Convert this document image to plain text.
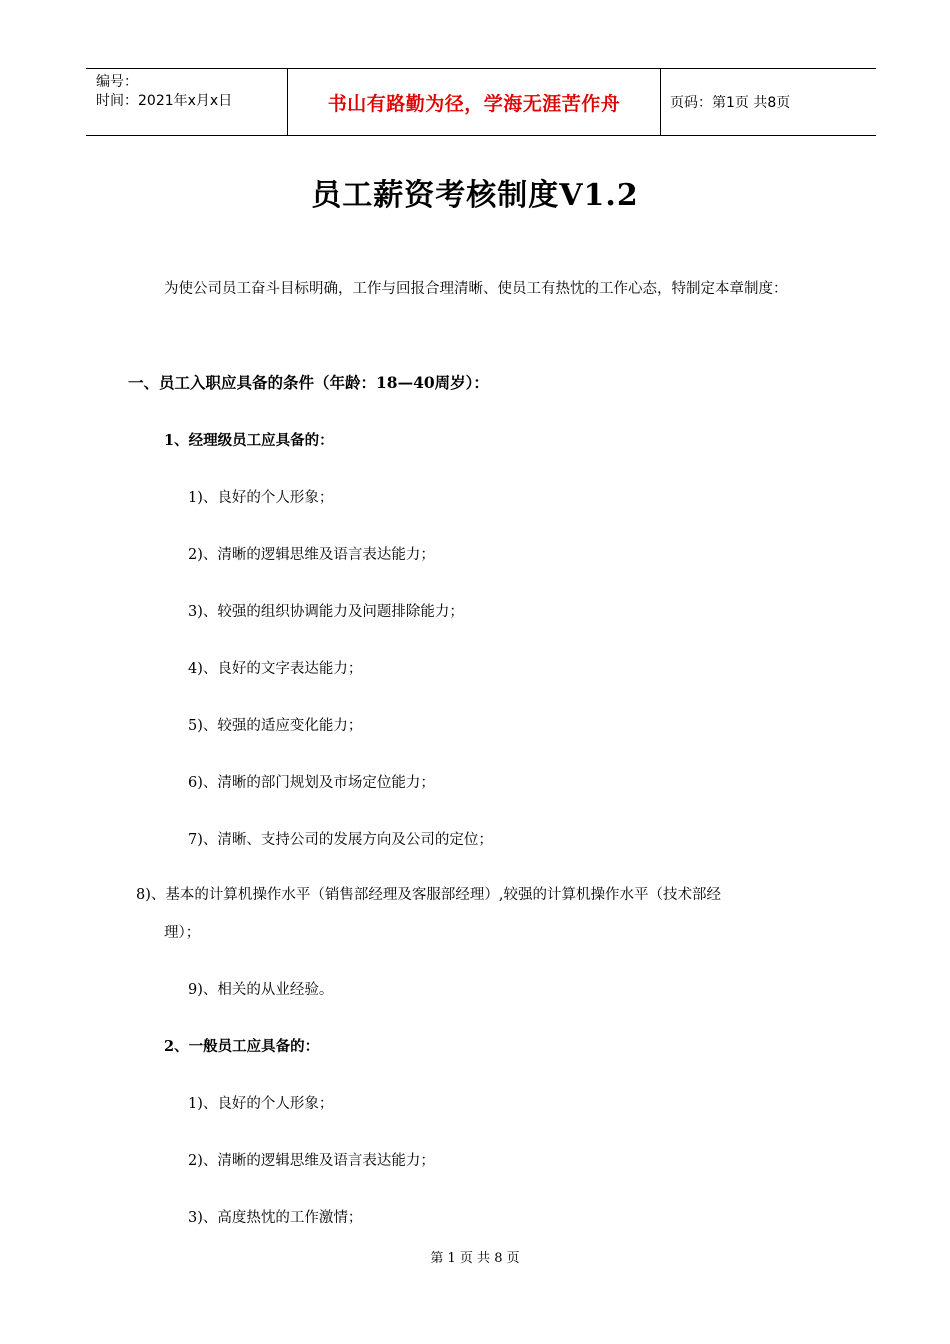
编号：
时间：2021年x月x日	书山有路勤为径，学海无涯苦作舟	页码：第1页 共8页
员工薪资考核制度V1.2
为使公司员工奋斗目标明确，工作与回报合理清晰、使员工有热忱的工作心态，特制定本章制度：
一、员工入职应具备的条件（年龄：18—40周岁）：
1、经理级员工应具备的：
1)、良好的个人形象；
2)、清晰的逻辑思维及语言表达能力；
3)、较强的组织协调能力及问题排除能力；
4)、良好的文字表达能力；
5)、较强的适应变化能力；
6)、清晰的部门规划及市场定位能力；
7)、清晰、支持公司的发展方向及公司的定位；
8)、基本的计算机操作水平（销售部经理及客服部经理）,较强的计算机操作水平（技术部经
理）；
9)、相关的从业经验。
2、一般员工应具备的：
1)、良好的个人形象；
2)、清晰的逻辑思维及语言表达能力；
3)、高度热忱的工作激情；
第 1 页 共 8 页
